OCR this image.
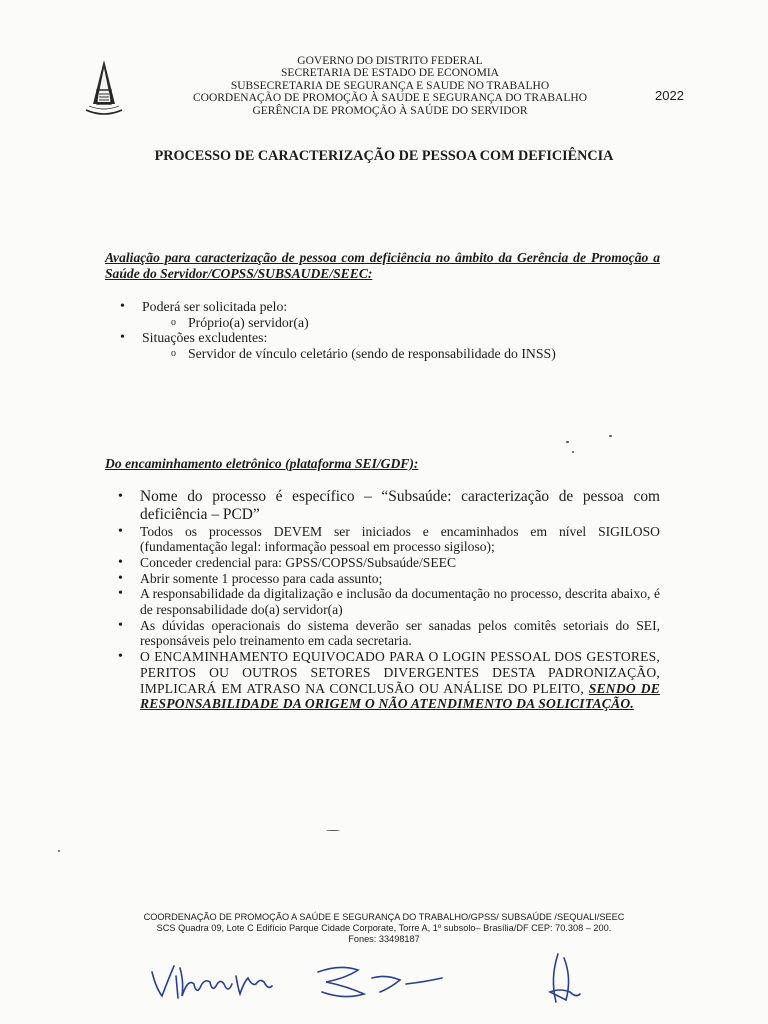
GOVERNO DO DISTRITO FEDERAL
SECRETARIA DE ESTADO DE ECONOMIA
SUBSECRETARIA DE SEGURANÇA E SAUDE NO TRABALHO
COORDENAÇÃO DE PROMOÇÃO À SAUDE E SEGURANÇA DO TRABALHO
GERÊNCIA DE PROMOÇÃO À SAÚDE DO SERVIDOR
2022
PROCESSO DE CARACTERIZAÇÃO DE PESSOA COM DEFICIÊNCIA
Avaliação para caracterização de pessoa com deficiência no âmbito da Gerência de Promoção a Saúde do Servidor/COPSS/SUBSAUDE/SEEC:
• Poderá ser solicitada pelo:
o Próprio(a) servidor(a)
• Situações excludentes:
o Servidor de vínculo celetário (sendo de responsabilidade do INSS)
Do encaminhamento eletrônico (plataforma SEI/GDF):
• Nome do processo é específico – “Subsaúde: caracterização de pessoa com deficiência – PCD”
• Todos os processos DEVEM ser iniciados e encaminhados em nível SIGILOSO (fundamentação legal: informação pessoal em processo sigiloso);
• Conceder credencial para: GPSS/COPSS/Subsaúde/SEEC
• Abrir somente 1 processo para cada assunto;
• A responsabilidade da digitalização e inclusão da documentação no processo, descrita abaixo, é de responsabilidade do(a) servidor(a)
• As dúvidas operacionais do sistema deverão ser sanadas pelos comitês setoriais do SEI, responsáveis pelo treinamento em cada secretaria.
• O ENCAMINHAMENTO EQUIVOCADO PARA O LOGIN PESSOAL DOS GESTORES, PERITOS OU OUTROS SETORES DIVERGENTES DESTA PADRONIZAÇÃO, IMPLICARÁ EM ATRASO NA CONCLUSÃO OU ANÁLISE DO PLEITO, SENDO DE RESPONSABILIDADE DA ORIGEM O NÃO ATENDIMENTO DA SOLICITAÇÃO.
COORDENAÇÃO DE PROMOÇÃO A SAÚDE E SEGURANÇA DO TRABALHO/GPSS/ SUBSAÚDE /SEQUALI/SEEC
SCS Quadra 09, Lote C Edifício Parque Cidade Corporate, Torre A, 1º subsolo– Brasília/DF CEP: 70.308 – 200.
Fones: 33498187
